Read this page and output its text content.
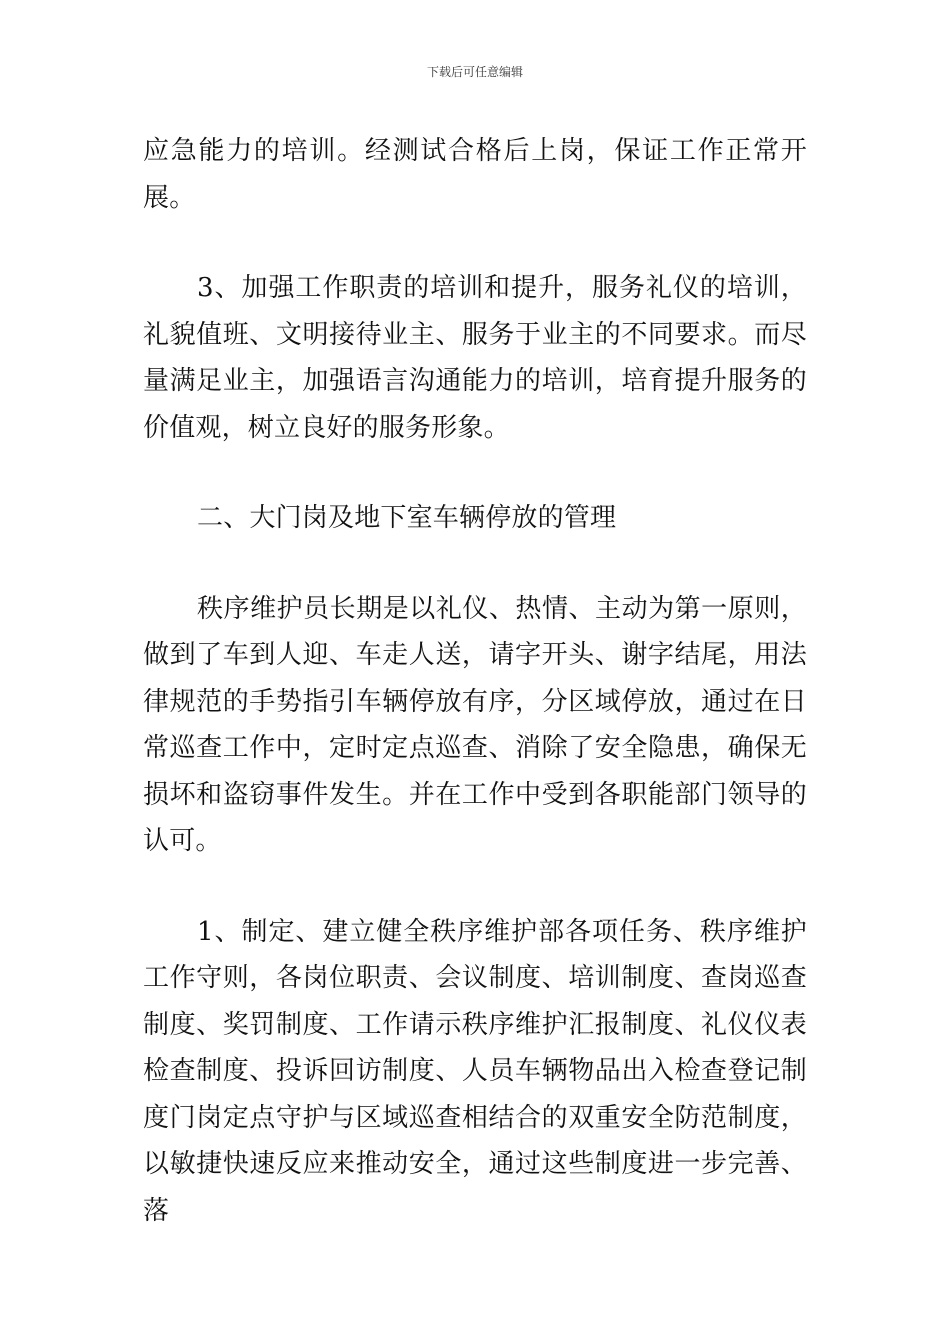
下载后可任意编辑

应急能力的培训。经测试合格后上岗，保证工作正常开展。

3、加强工作职责的培训和提升，服务礼仪的培训，礼貌值班、文明接待业主、服务于业主的不同要求。而尽量满足业主，加强语言沟通能力的培训，培育提升服务的价值观，树立良好的服务形象。

二、大门岗及地下室车辆停放的管理

秩序维护员长期是以礼仪、热情、主动为第一原则，做到了车到人迎、车走人送，请字开头、谢字结尾，用法律规范的手势指引车辆停放有序，分区域停放，通过在日常巡查工作中，定时定点巡查、消除了安全隐患，确保无损坏和盗窃事件发生。并在工作中受到各职能部门领导的认可。

1、制定、建立健全秩序维护部各项任务、秩序维护工作守则，各岗位职责、会议制度、培训制度、查岗巡查制度、奖罚制度、工作请示秩序维护汇报制度、礼仪仪表检查制度、投诉回访制度、人员车辆物品出入检查登记制度门岗定点守护与区域巡查相结合的双重安全防范制度，以敏捷快速反应来推动安全，通过这些制度进一步完善、落
